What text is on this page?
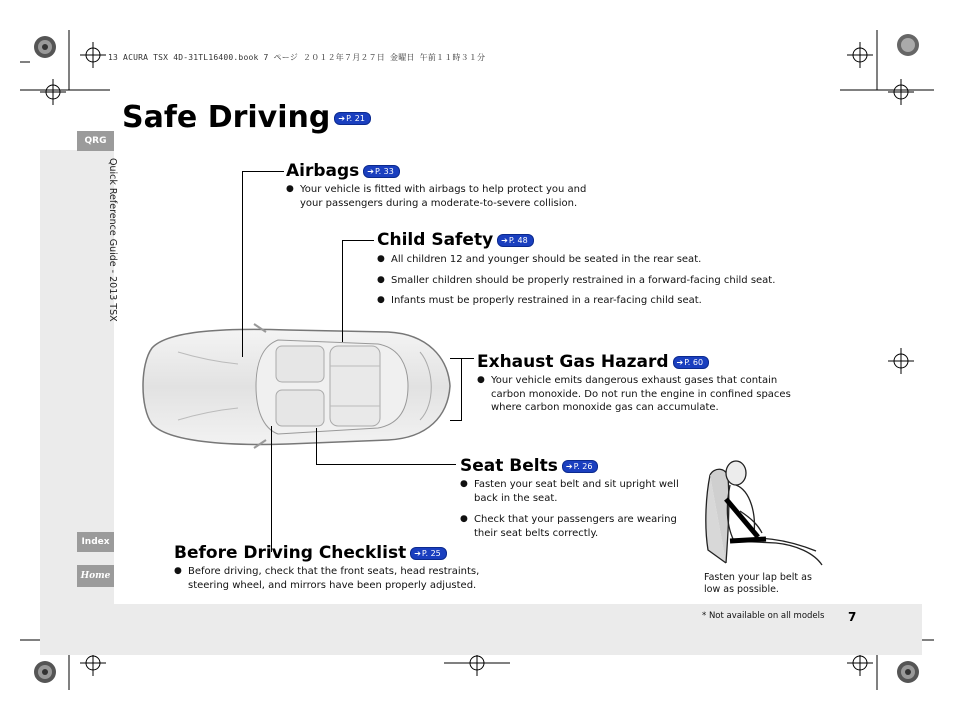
13 ACURA TSX 4D-31TL16400.book 7 ページ ２０１２年７月２７日 金曜日 午前１１時３１分
QRG
Quick Reference Guide - 2013 TSX
Index
Home
Safe Driving ➔P. 21
Airbags ➔P. 33
● Your vehicle is fitted with airbags to help protect you and your passengers during a moderate-to-severe collision.
Child Safety ➔P. 48
● All children 12 and younger should be seated in the rear seat.
● Smaller children should be properly restrained in a forward-facing child seat.
● Infants must be properly restrained in a rear-facing child seat.
Exhaust Gas Hazard ➔P. 60
● Your vehicle emits dangerous exhaust gases that contain carbon monoxide. Do not run the engine in confined spaces where carbon monoxide gas can accumulate.
Seat Belts ➔P. 26
● Fasten your seat belt and sit upright well back in the seat.
● Check that your passengers are wearing their seat belts correctly.
Fasten your lap belt as low as possible.
Before Driving Checklist ➔P. 25
● Before driving, check that the front seats, head restraints, steering wheel, and mirrors have been properly adjusted.
* Not available on all models 7
